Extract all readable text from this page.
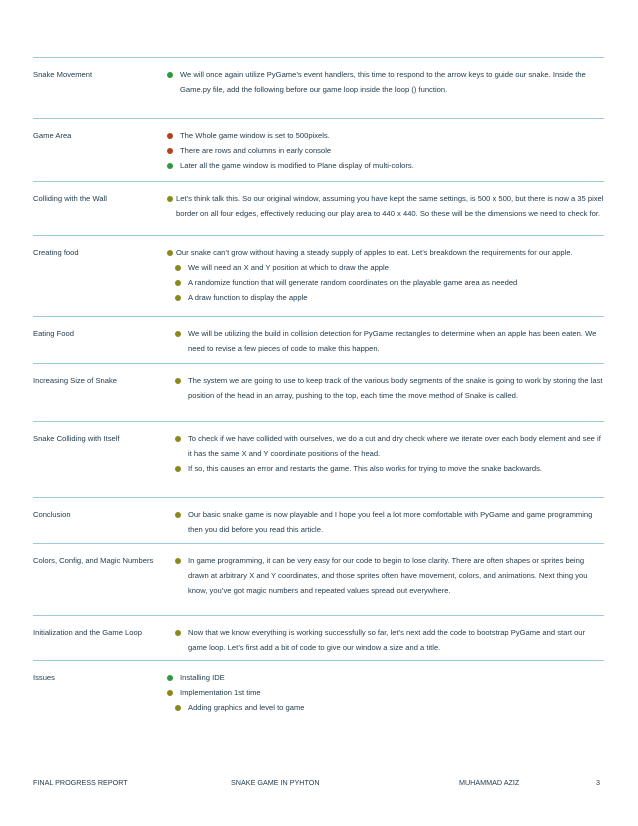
Snake Movement	We will once again utilize PyGame’s event handlers, this time to respond to the arrow keys to guide our snake. Inside the Game.py file, add the following before our game loop inside the loop () function.
Game Area	The Whole game window is set to 500pixels.
There are rows and columns in early console
Later all the game window is modified to Plane display of multi-colors.
Colliding with the Wall	Let’s think talk this. So our original window, assuming you have kept the same settings, is 500 x 500, but there is now a 35 pixel border on all four edges, effectively reducing our play area to 440 x 440. So these will be the dimensions we need to check for.
Creating food	Our snake can’t grow without having a steady supply of apples to eat. Let’s breakdown the requirements for our apple.
We will need an X and Y position at which to draw the apple
A randomize function that will generate random coordinates on the playable game area as needed
A draw function to display the apple
Eating Food	We will be utilizing the build in collision detection for PyGame rectangles to determine when an apple has been eaten. We need to revise a few pieces of code to make this happen.
Increasing Size of Snake	The system we are going to use to keep track of the various body segments of the snake is going to work by storing the last position of the head in an array, pushing to the top, each time the move method of Snake is called.
Snake Colliding with Itself	To check if we have collided with ourselves, we do a cut and dry check where we iterate over each body element and see if it has the same X and Y coordinate positions of the head.
If so, this causes an error and restarts the game. This also works for trying to move the snake backwards.
Conclusion	Our basic snake game is now playable and I hope you feel a lot more comfortable with PyGame and game programming then you did before you read this article.
Colors, Config, and Magic Numbers	In game programming, it can be very easy for our code to begin to lose clarity. There are often shapes or sprites being drawn at arbitrary X and Y coordinates, and those sprites often have movement, colors, and animations. Next thing you know, you’ve got magic numbers and repeated values spread out everywhere.
Initialization and the Game Loop	Now that we know everything is working successfully so far, let’s next add the code to bootstrap PyGame and start our game loop. Let’s first add a bit of code to give our window a size and a title.
Issues	Installing IDE
Implementation 1st time
Adding graphics and level to game
FINAL PROGRESS REPORT	SNAKE GAME IN PYHTON	MUHAMMAD AZIZ	3
